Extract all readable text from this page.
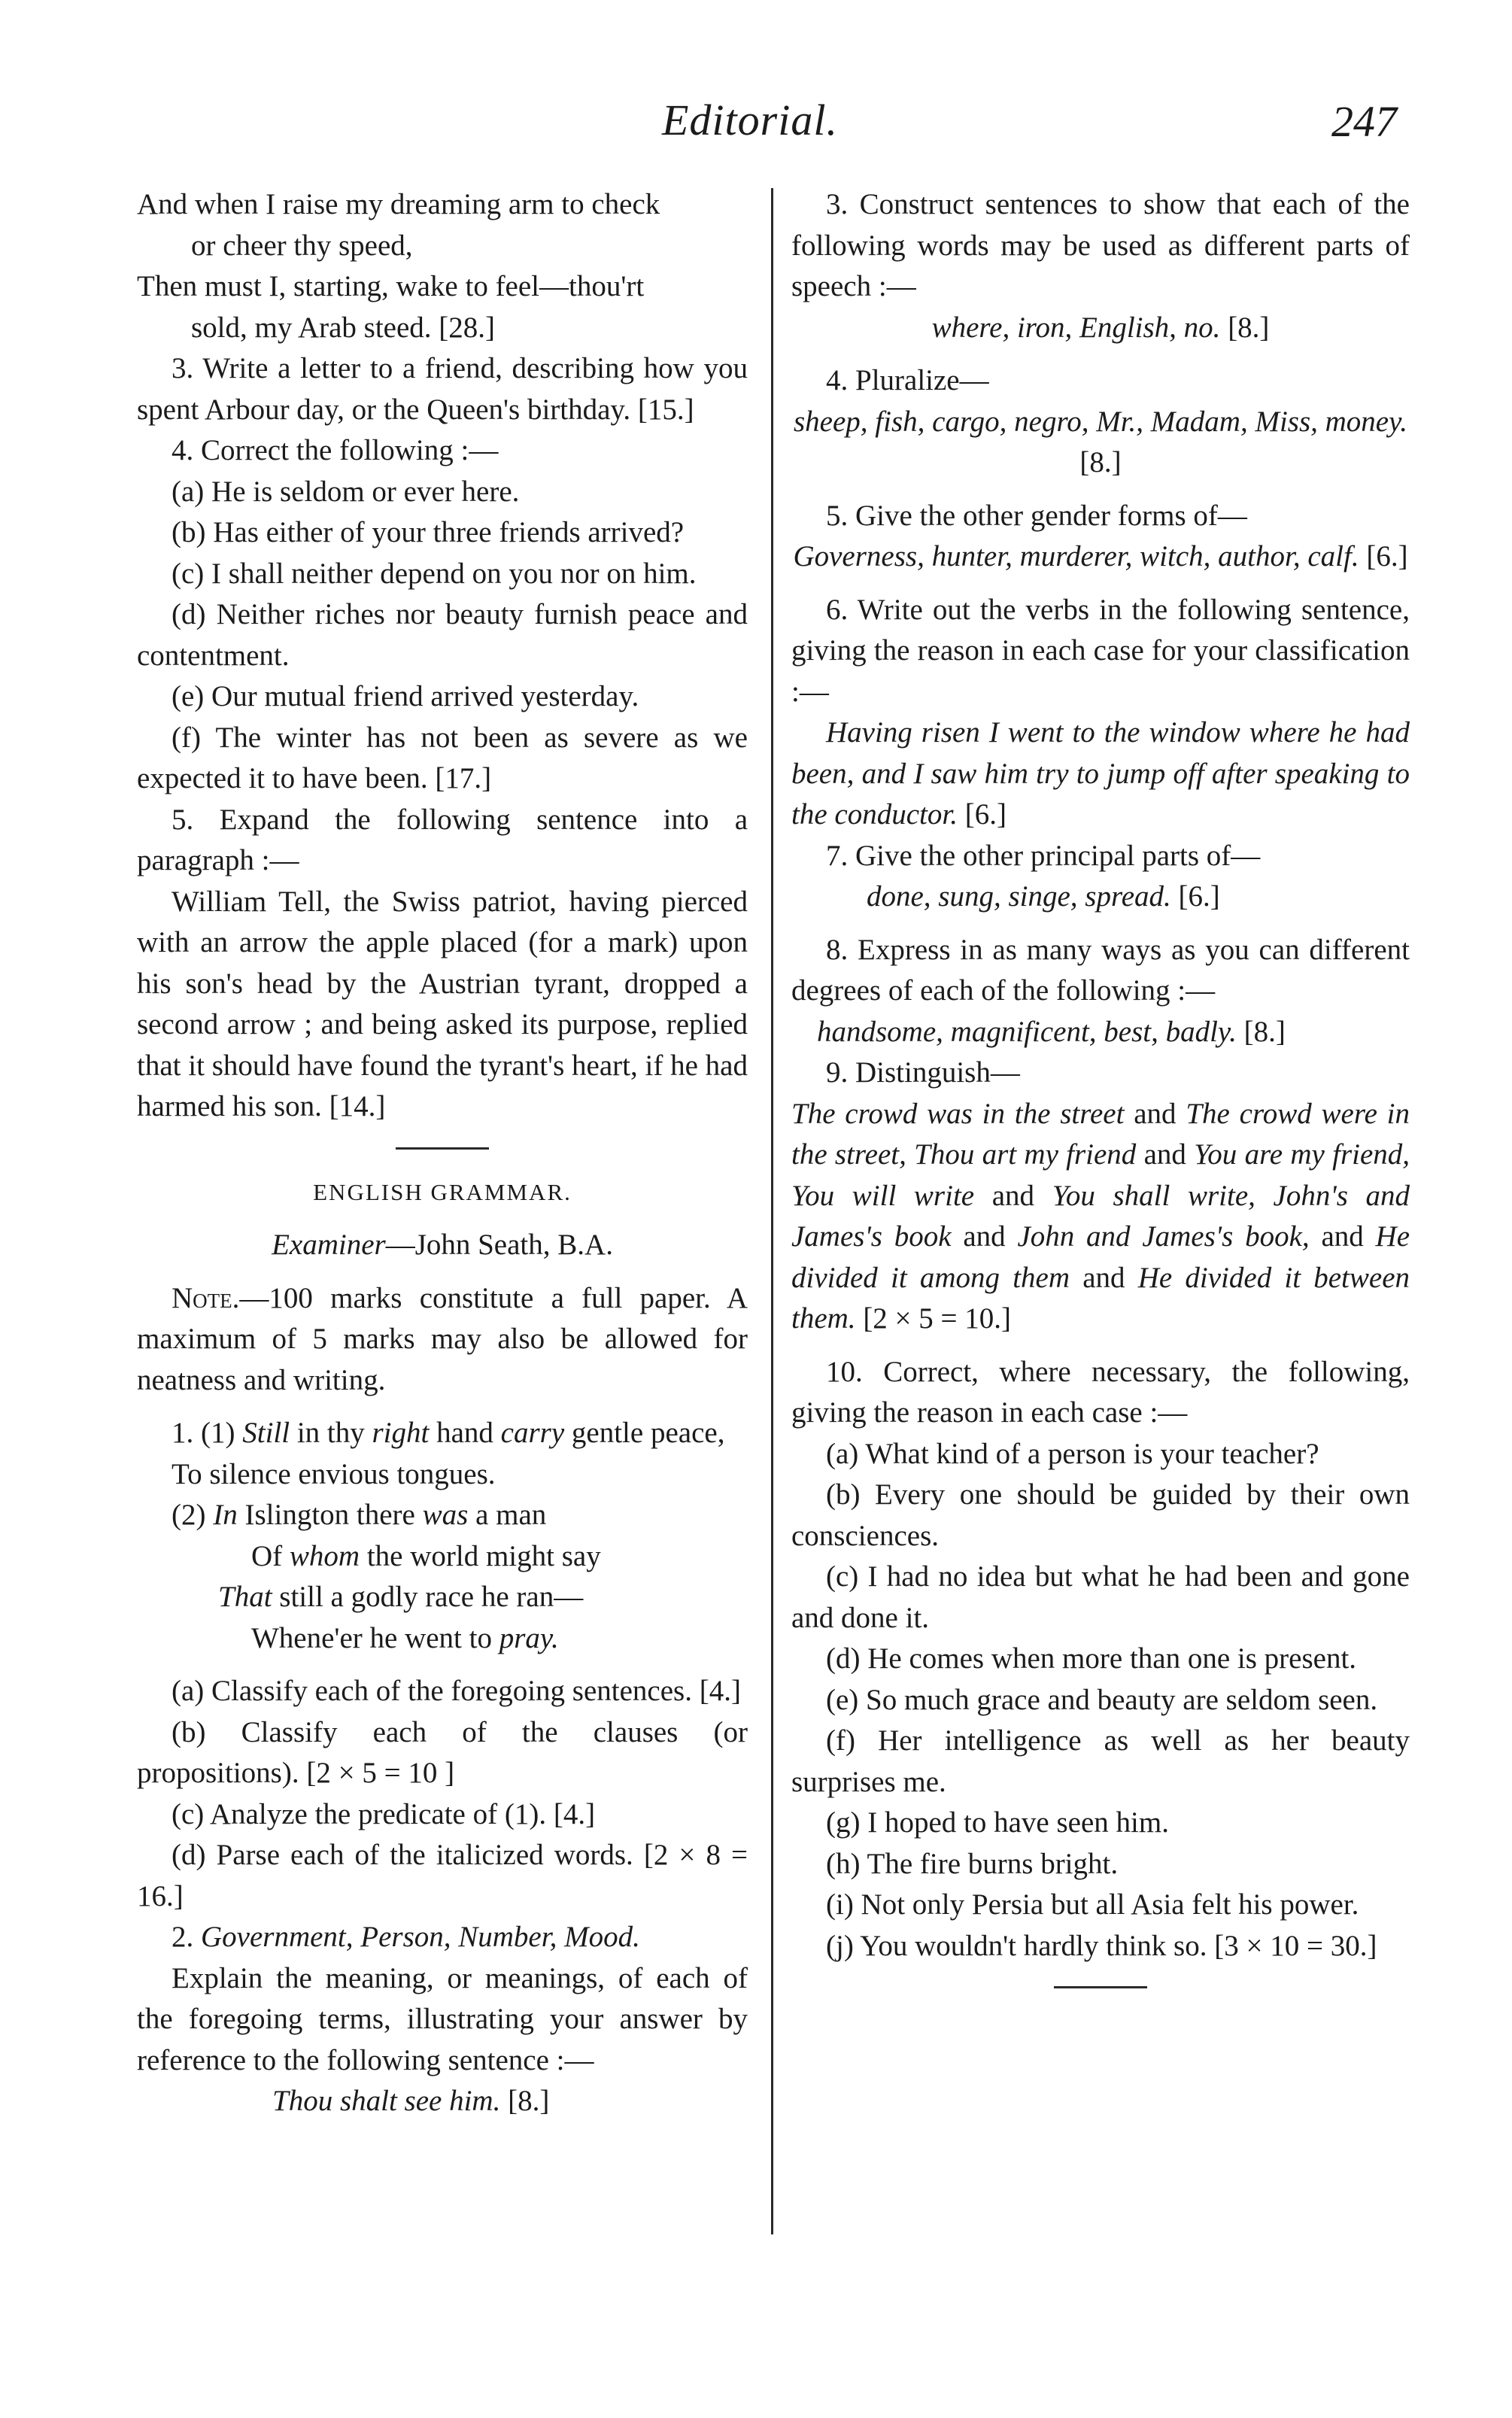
Editorial.	247

And when I raise my dreaming arm to check

or cheer thy speed,

Then must I, starting, wake to feel—thou'rt

sold, my Arab steed. [28.]

3. Write a letter to a friend, describing how you spent Arbour day, or the Queen's birthday. [15.]

4. Correct the following :—

(a) He is seldom or ever here.

(b) Has either of your three friends arrived?

(c) I shall neither depend on you nor on him.

(d) Neither riches nor beauty furnish peace and contentment.

(e) Our mutual friend arrived yesterday.

(f) The winter has not been as severe as we expected it to have been. [17.]

5. Expand the following sentence into a paragraph :—

William Tell, the Swiss patriot, having pierced with an arrow the apple placed (for a mark) upon his son's head by the Austrian tyrant, dropped a second arrow ; and being asked its purpose, replied that it should have found the tyrant's heart, if he had harmed his son. [14.]

ENGLISH GRAMMAR.

Examiner—John Seath, B.A.

Note.—100 marks constitute a full paper. A maximum of 5 marks may also be allowed for neatness and writing.

1. (1) Still in thy right hand carry gentle peace,

To silence envious tongues.

(2) In Islington there was a man

Of whom the world might say

That still a godly race he ran—

Whene'er he went to pray.

(a) Classify each of the foregoing sentences. [4.]

(b) Classify each of the clauses (or propositions). [2 × 5 = 10 ]

(c) Analyze the predicate of (1). [4.]

(d) Parse each of the italicized words. [2 × 8 = 16.]

2. Government, Person, Number, Mood.

Explain the meaning, or meanings, of each of the foregoing terms, illustrating your answer by reference to the following sentence :—

Thou shalt see him. [8.]

3. Construct sentences to show that each of the following words may be used as different parts of speech :—

where, iron, English, no. [8.]

4. Pluralize—

sheep, fish, cargo, negro, Mr., Madam, Miss, money. [8.]

5. Give the other gender forms of—

Governess, hunter, murderer, witch, author, calf. [6.]

6. Write out the verbs in the following sentence, giving the reason in each case for your classification :—

Having risen I went to the window where he had been, and I saw him try to jump off after speaking to the conductor. [6.]

7. Give the other principal parts of—

done, sung, singe, spread. [6.]

8. Express in as many ways as you can different degrees of each of the following :—

handsome, magnificent, best, badly. [8.]

9. Distinguish—

The crowd was in the street and The crowd were in the street, Thou art my friend and You are my friend, You will write and You shall write, John's and James's book and John and James's book, and He divided it among them and He divided it between them. [2 × 5 = 10.]

10. Correct, where necessary, the following, giving the reason in each case :—

(a) What kind of a person is your teacher?

(b) Every one should be guided by their own consciences.

(c) I had no idea but what he had been and gone and done it.

(d) He comes when more than one is present.

(e) So much grace and beauty are seldom seen.

(f) Her intelligence as well as her beauty surprises me.

(g) I hoped to have seen him.

(h) The fire burns bright.

(i) Not only Persia but all Asia felt his power.

(j) You wouldn't hardly think so. [3 × 10 = 30.]
